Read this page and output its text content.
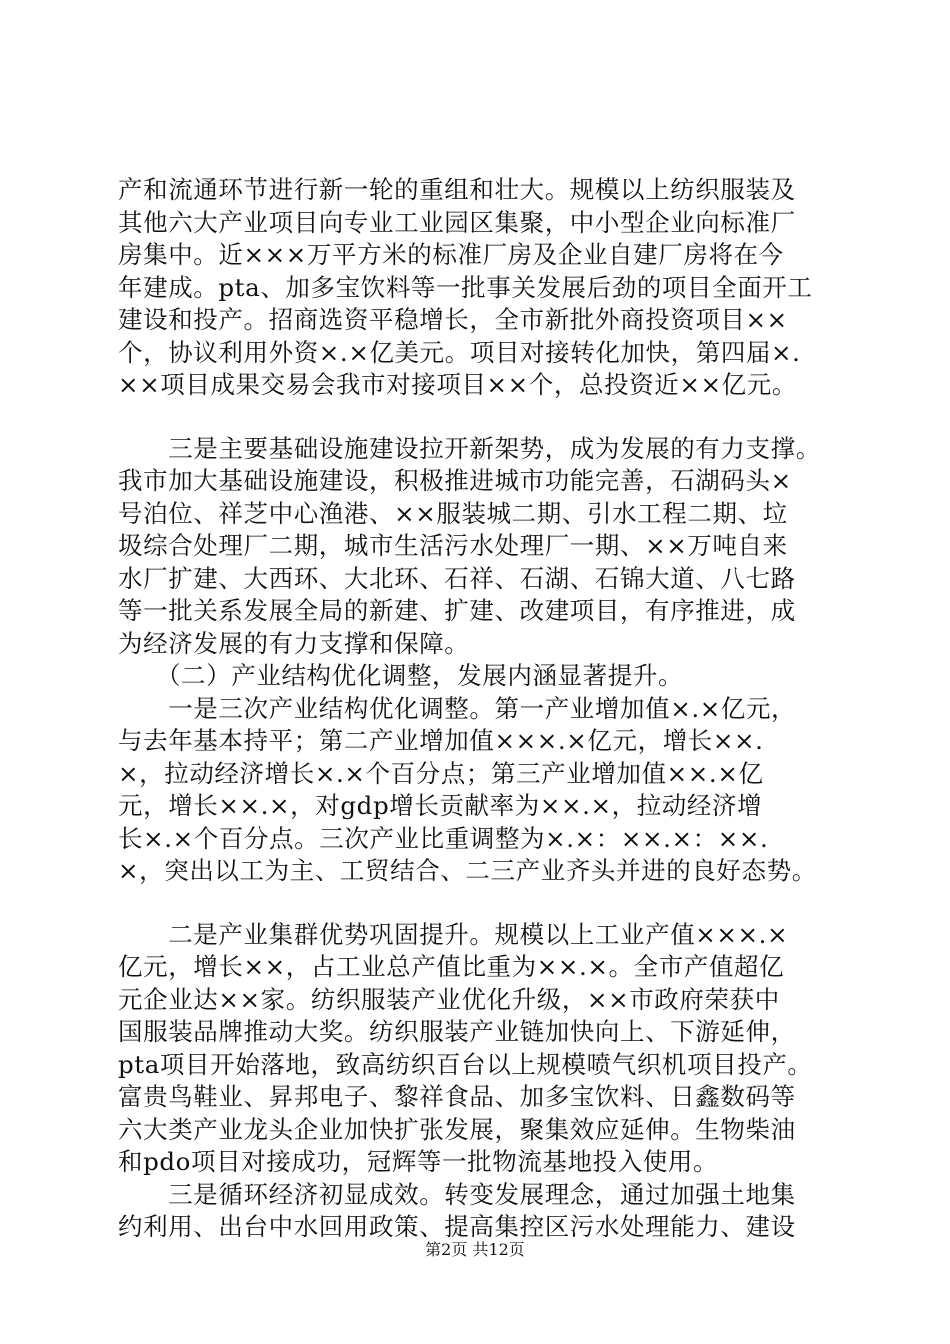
产和流通环节进行新一轮的重组和壮大。规模以上纺织服装及
其他六大产业项目向专业工业园区集聚，中小型企业向标准厂
房集中。近×××万平方米的标准厂房及企业自建厂房将在今
年建成。pta、加多宝饮料等一批事关发展后劲的项目全面开工
建设和投产。招商选资平稳增长，全市新批外商投资项目××
个，协议利用外资×.×亿美元。项目对接转化加快，第四届×.
××项目成果交易会我市对接项目××个，总投资近××亿元。
　　三是主要基础设施建设拉开新架势，成为发展的有力支撑。
我市加大基础设施建设，积极推进城市功能完善，石湖码头×
号泊位、祥芝中心渔港、××服装城二期、引水工程二期、垃
圾综合处理厂二期，城市生活污水处理厂一期、××万吨自来
水厂扩建、大西环、大北环、石祥、石湖、石锦大道、八七路
等一批关系发展全局的新建、扩建、改建项目，有序推进，成
为经济发展的有力支撑和保障。
　　（二）产业结构优化调整，发展内涵显著提升。
　　一是三次产业结构优化调整。第一产业增加值×.×亿元，
与去年基本持平；第二产业增加值×××.×亿元，增长××.
×，拉动经济增长×.×个百分点；第三产业增加值××.×亿
元，增长××.×，对gdp增长贡献率为××.×，拉动经济增
长×.×个百分点。三次产业比重调整为×.×：××.×：××.
×，突出以工为主、工贸结合、二三产业齐头并进的良好态势。
　　二是产业集群优势巩固提升。规模以上工业产值×××.×
亿元，增长××，占工业总产值比重为××.×。全市产值超亿
元企业达××家。纺织服装产业优化升级，××市政府荣获中
国服装品牌推动大奖。纺织服装产业链加快向上、下游延伸，
pta项目开始落地，致高纺织百台以上规模喷气织机项目投产。
富贵鸟鞋业、昇邦电子、黎祥食品、加多宝饮料、日鑫数码等
六大类产业龙头企业加快扩张发展，聚集效应延伸。生物柴油
和pdo项目对接成功，冠辉等一批物流基地投入使用。
　　三是循环经济初显成效。转变发展理念，通过加强土地集
约利用、出台中水回用政策、提高集控区污水处理能力、建设
第2页 共12页
